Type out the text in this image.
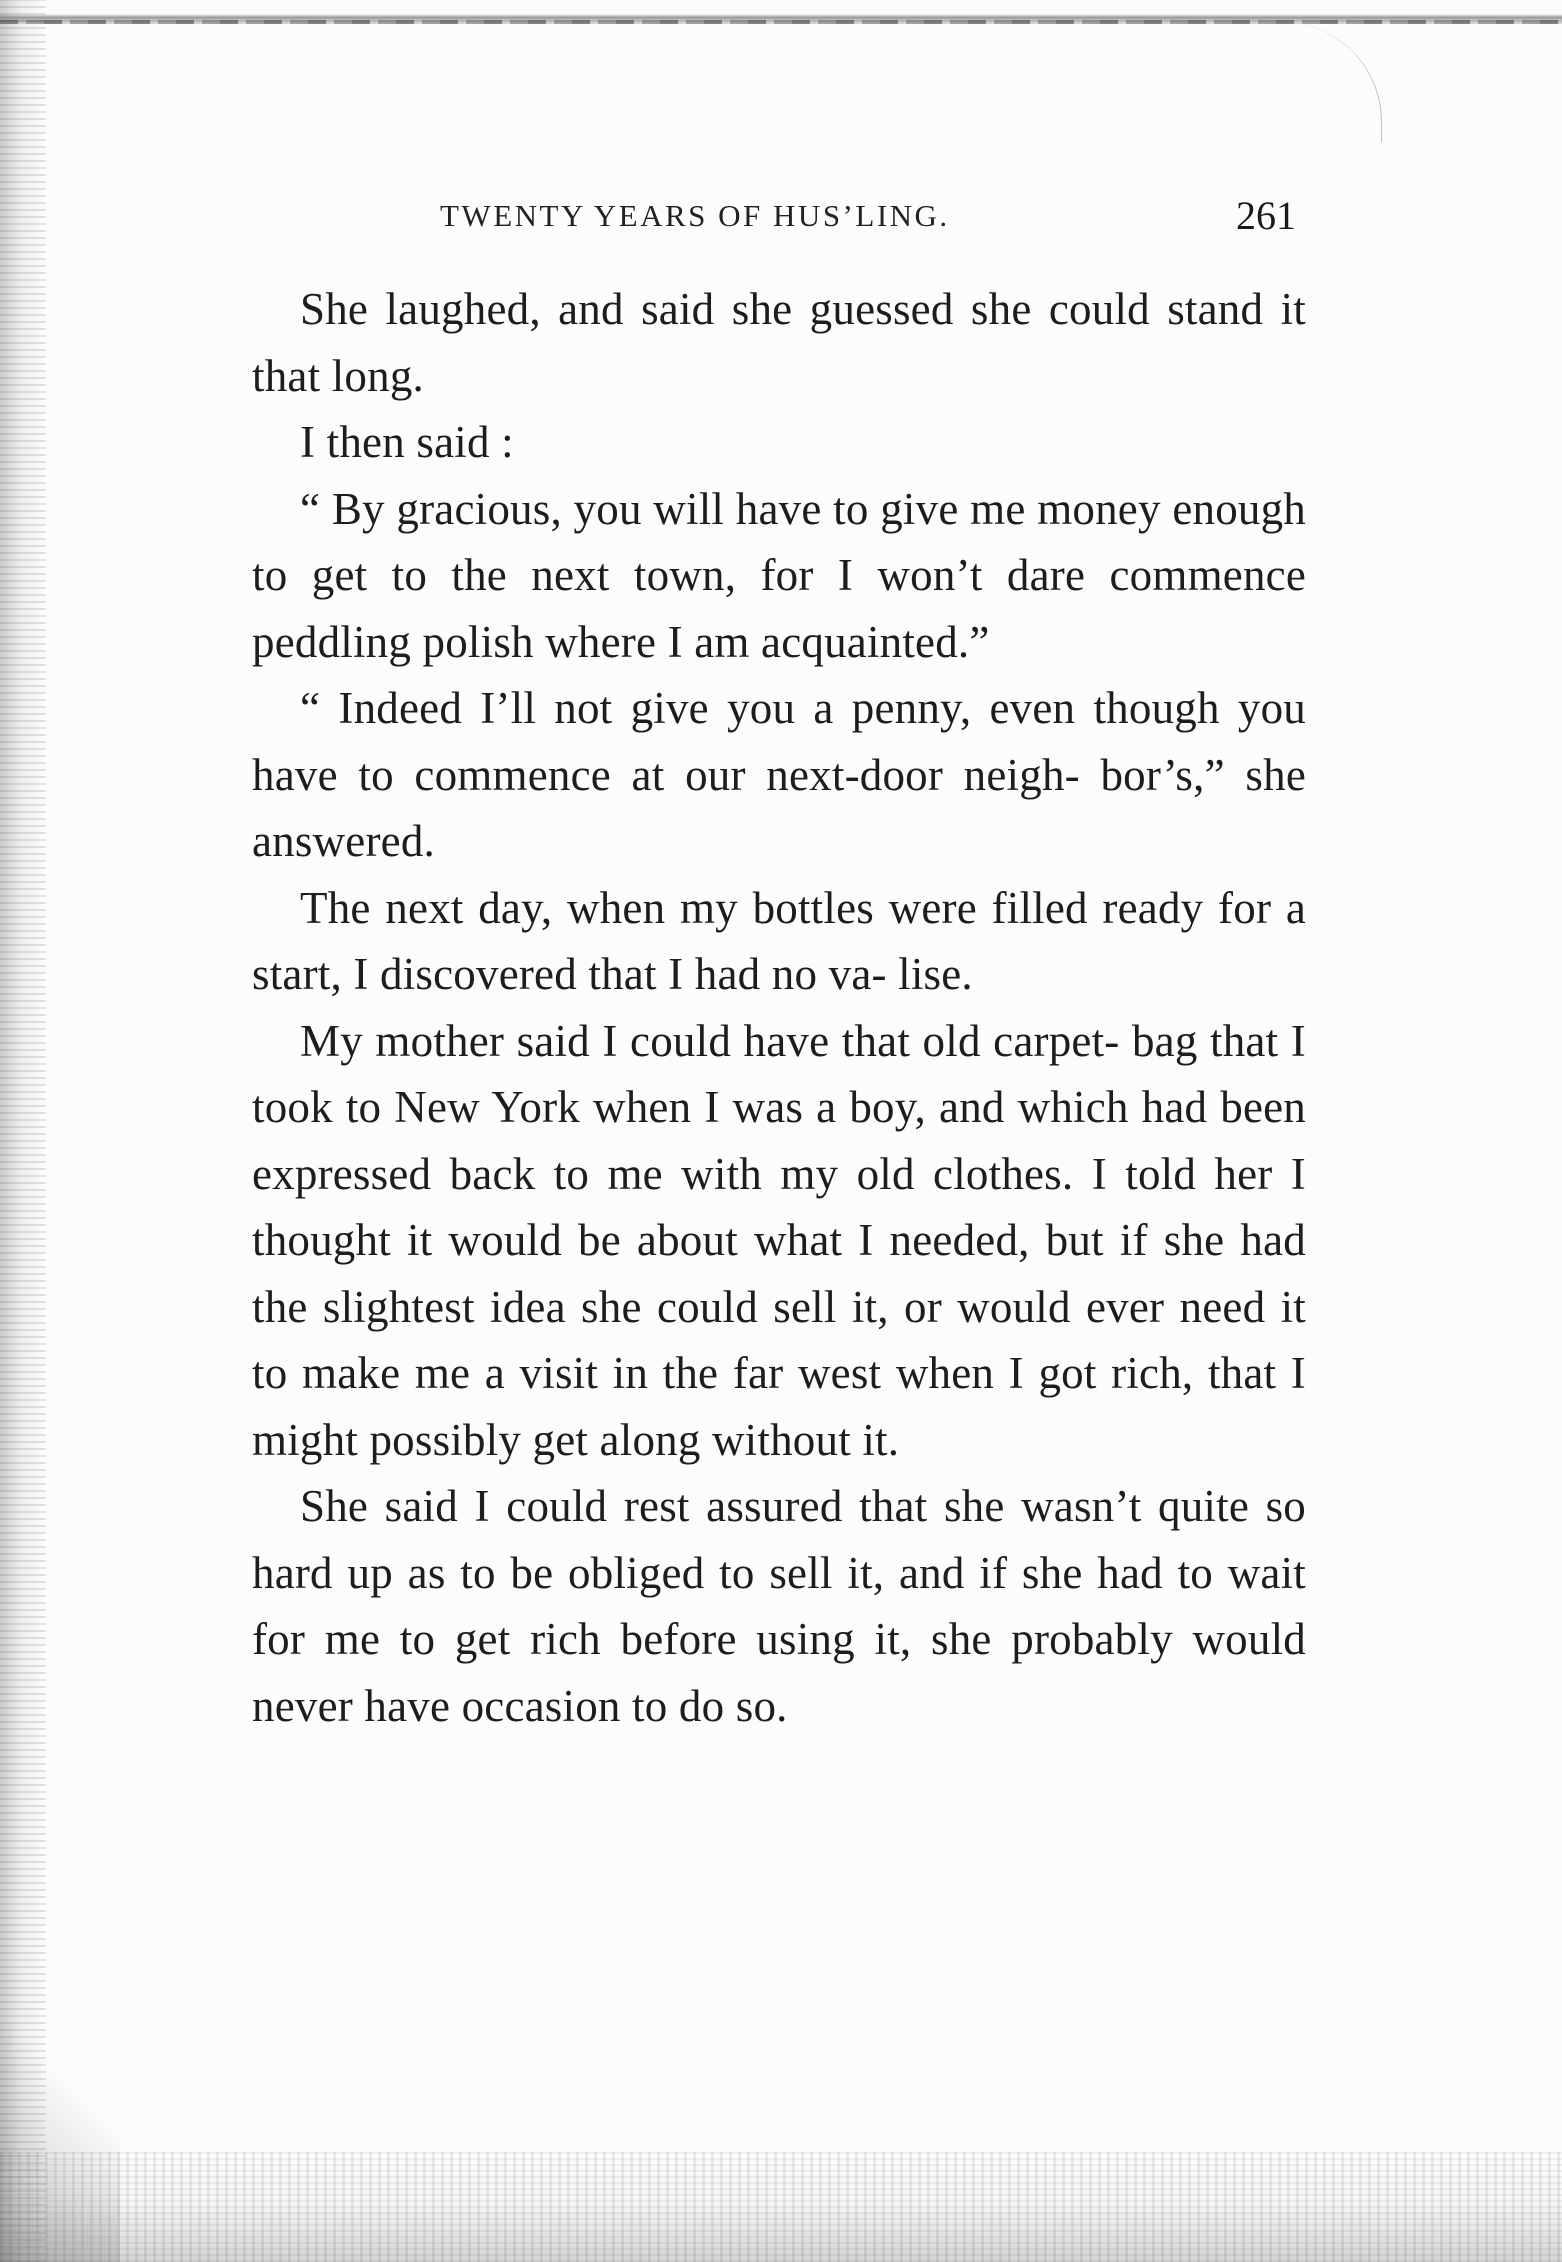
TWENTY YEARS OF HUS’LING.	261

She laughed, and said she guessed she could stand it that long.

I then said :

“ By gracious, you will have to give me money enough to get to the next town, for I won’t dare commence peddling polish where I am acquainted.”

“ Indeed I’ll not give you a penny, even though you have to commence at our next-door neigh- bor’s,” she answered.

The next day, when my bottles were filled ready for a start, I discovered that I had no va- lise.

My mother said I could have that old carpet- bag that I took to New York when I was a boy, and which had been expressed back to me with my old clothes. I told her I thought it would be about what I needed, but if she had the slightest idea she could sell it, or would ever need it to make me a visit in the far west when I got rich, that I might possibly get along without it.

She said I could rest assured that she wasn’t quite so hard up as to be obliged to sell it, and if she had to wait for me to get rich before using it, she probably would never have occasion to do so.
